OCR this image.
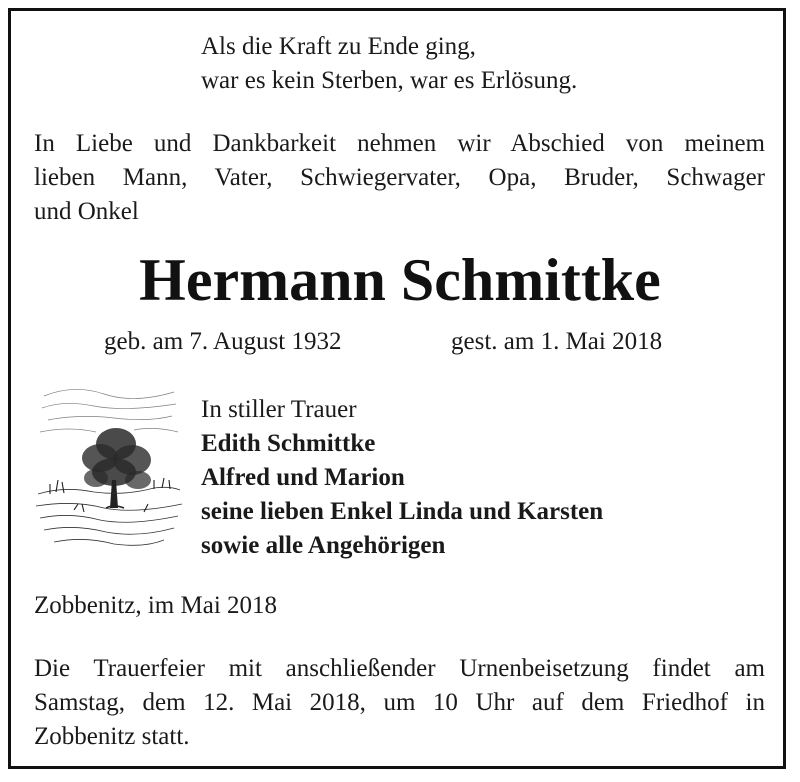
Als die Kraft zu Ende ging,
war es kein Sterben, war es Erlösung.
In Liebe und Dankbarkeit nehmen wir Abschied von meinem
lieben Mann, Vater, Schwiegervater, Opa, Bruder, Schwager
und Onkel
Hermann Schmittke
geb. am 7. August 1932	gest. am 1. Mai 2018
In stiller Trauer
Edith Schmittke
Alfred und Marion
seine lieben Enkel Linda und Karsten
sowie alle Angehörigen
Zobbenitz, im Mai 2018
Die Trauerfeier mit anschließender Urnenbeisetzung findet am
Samstag, dem 12. Mai 2018, um 10 Uhr auf dem Friedhof in
Zobbenitz statt.
